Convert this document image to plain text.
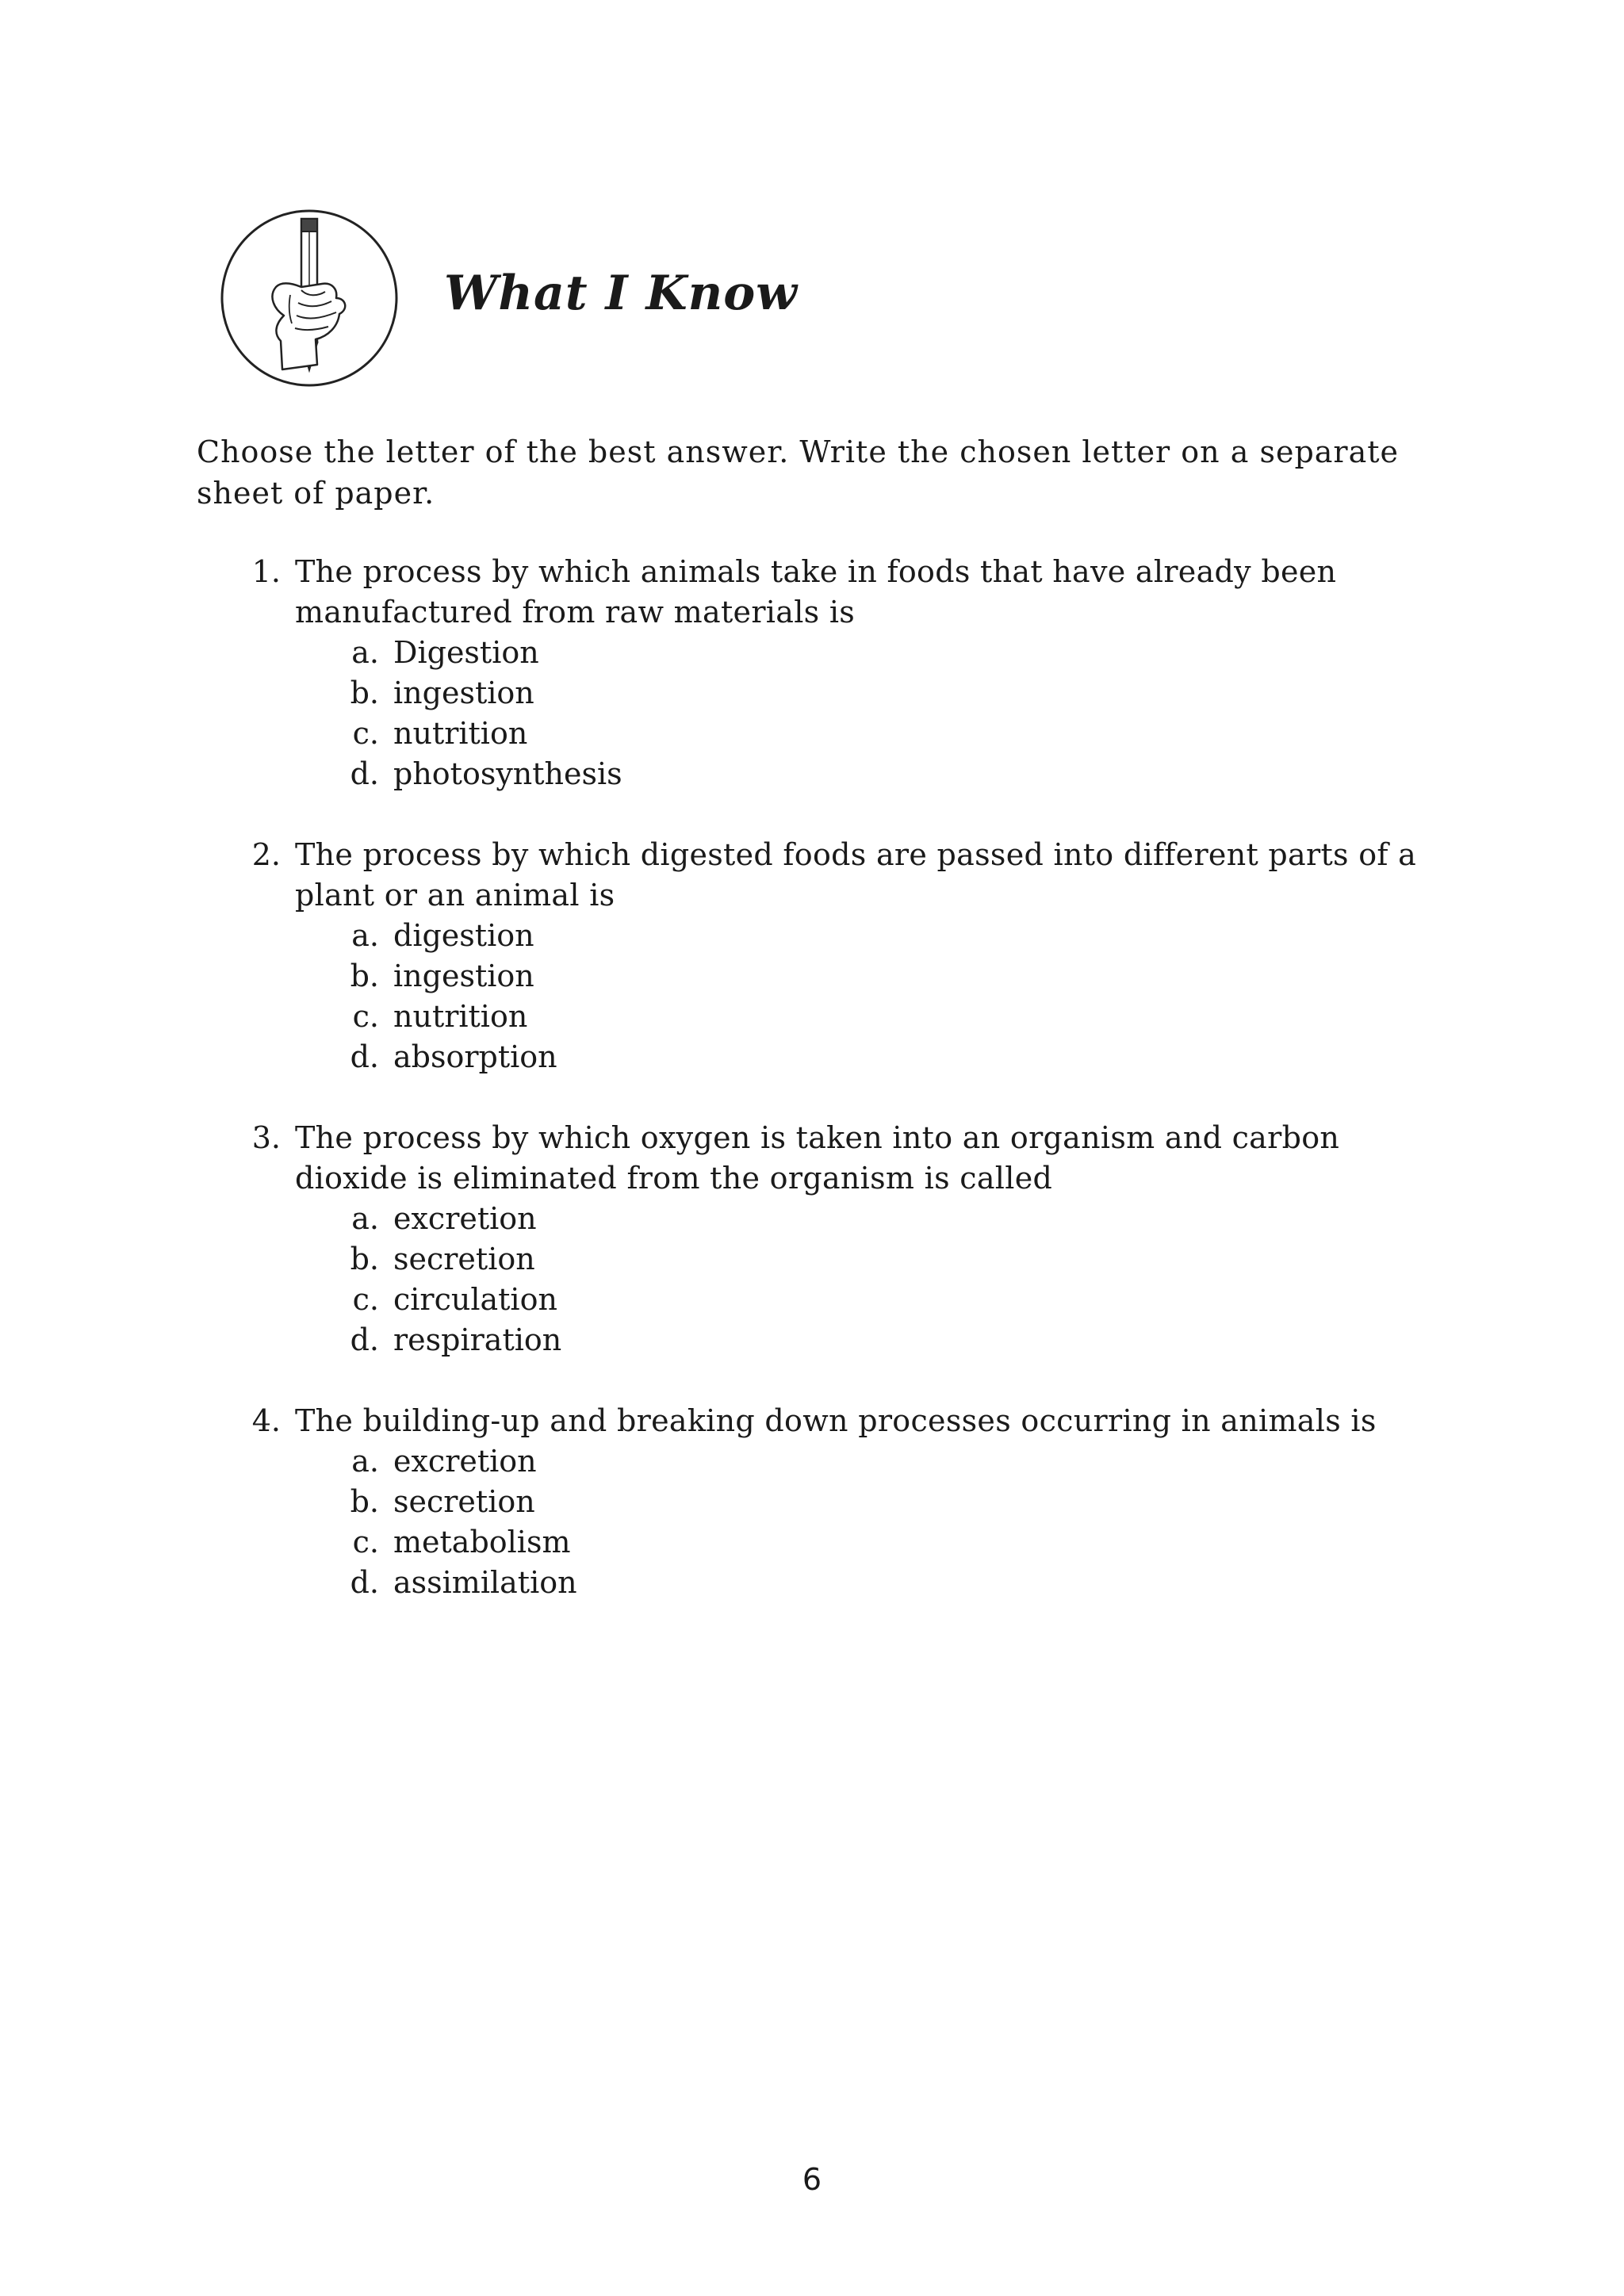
What I Know

Choose the letter of the best answer. Write the chosen letter on a separate sheet of paper.

1. The process by which animals take in foods that have already been manufactured from raw materials is

a. Digestion
b. ingestion
c. nutrition
d. photosynthesis
2. The process by which digested foods are passed into different parts of a plant or an animal is

a. digestion
b. ingestion
c. nutrition
d. absorption
3. The process by which oxygen is taken into an organism and carbon dioxide is eliminated from the organism is called

a. excretion
b. secretion
c. circulation
d. respiration
4. The building-up and breaking down processes occurring in animals is

a. excretion
b. secretion
c. metabolism
d. assimilation

6
